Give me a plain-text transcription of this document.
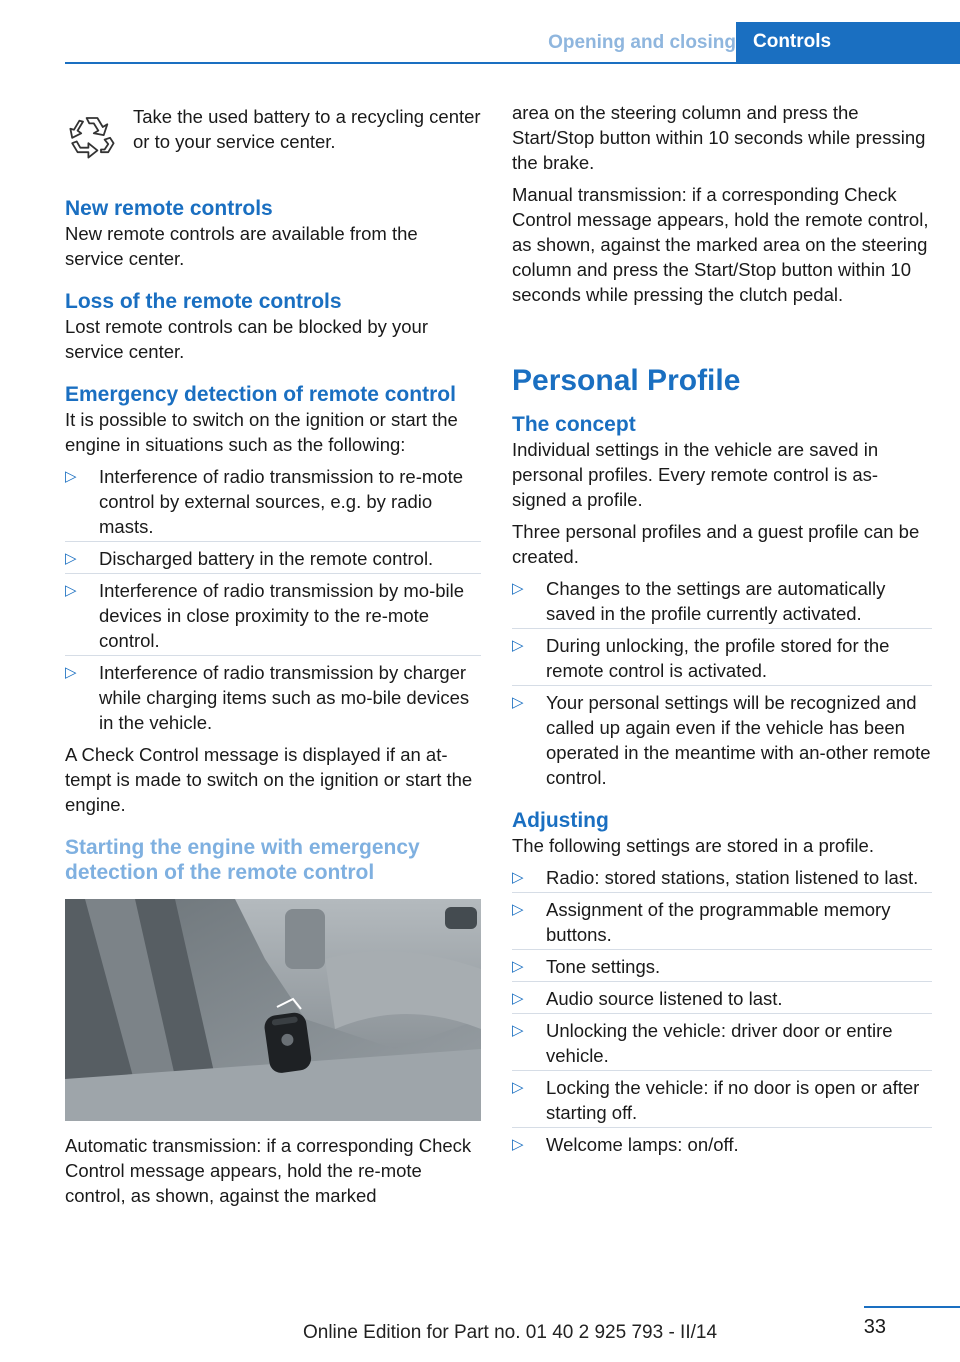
Opening and closing Controls

Take the used battery to a recycling center or to your service center.

New remote controls

New remote controls are available from the service center.

Loss of the remote controls

Lost remote controls can be blocked by your service center.

Emergency detection of remote control

It is possible to switch on the ignition or start the engine in situations such as the following:

▷ Interference of radio transmission to re-mote control by external sources, e.g. by radio masts.
▷ Discharged battery in the remote control.
▷ Interference of radio transmission by mo-bile devices in close proximity to the re-mote control.
▷ Interference of radio transmission by charger while charging items such as mo-bile devices in the vehicle.

A Check Control message is displayed if an at-tempt is made to switch on the ignition or start the engine.

Starting the engine with emergency detection of the remote control

Automatic transmission: if a corresponding Check Control message appears, hold the re-mote control, as shown, against the marked

area on the steering column and press the Start/Stop button within 10 seconds while pressing the brake.

Manual transmission: if a corresponding Check Control message appears, hold the remote control, as shown, against the marked area on the steering column and press the Start/Stop button within 10 seconds while pressing the clutch pedal.

Personal Profile
The concept

Individual settings in the vehicle are saved in personal profiles. Every remote control is as-signed a profile.

Three personal profiles and a guest profile can be created.

▷ Changes to the settings are automatically saved in the profile currently activated.
▷ During unlocking, the profile stored for the remote control is activated.
▷ Your personal settings will be recognized and called up again even if the vehicle has been operated in the meantime with an-other remote control.
Adjusting

The following settings are stored in a profile.

▷ Radio: stored stations, station listened to last.
▷ Assignment of the programmable memory buttons.
▷ Tone settings.
▷ Audio source listened to last.
▷ Unlocking the vehicle: driver door or entire vehicle.
▷ Locking the vehicle: if no door is open or after starting off.
▷ Welcome lamps: on/off.
33
Online Edition for Part no. 01 40 2 925 793 - II/14
